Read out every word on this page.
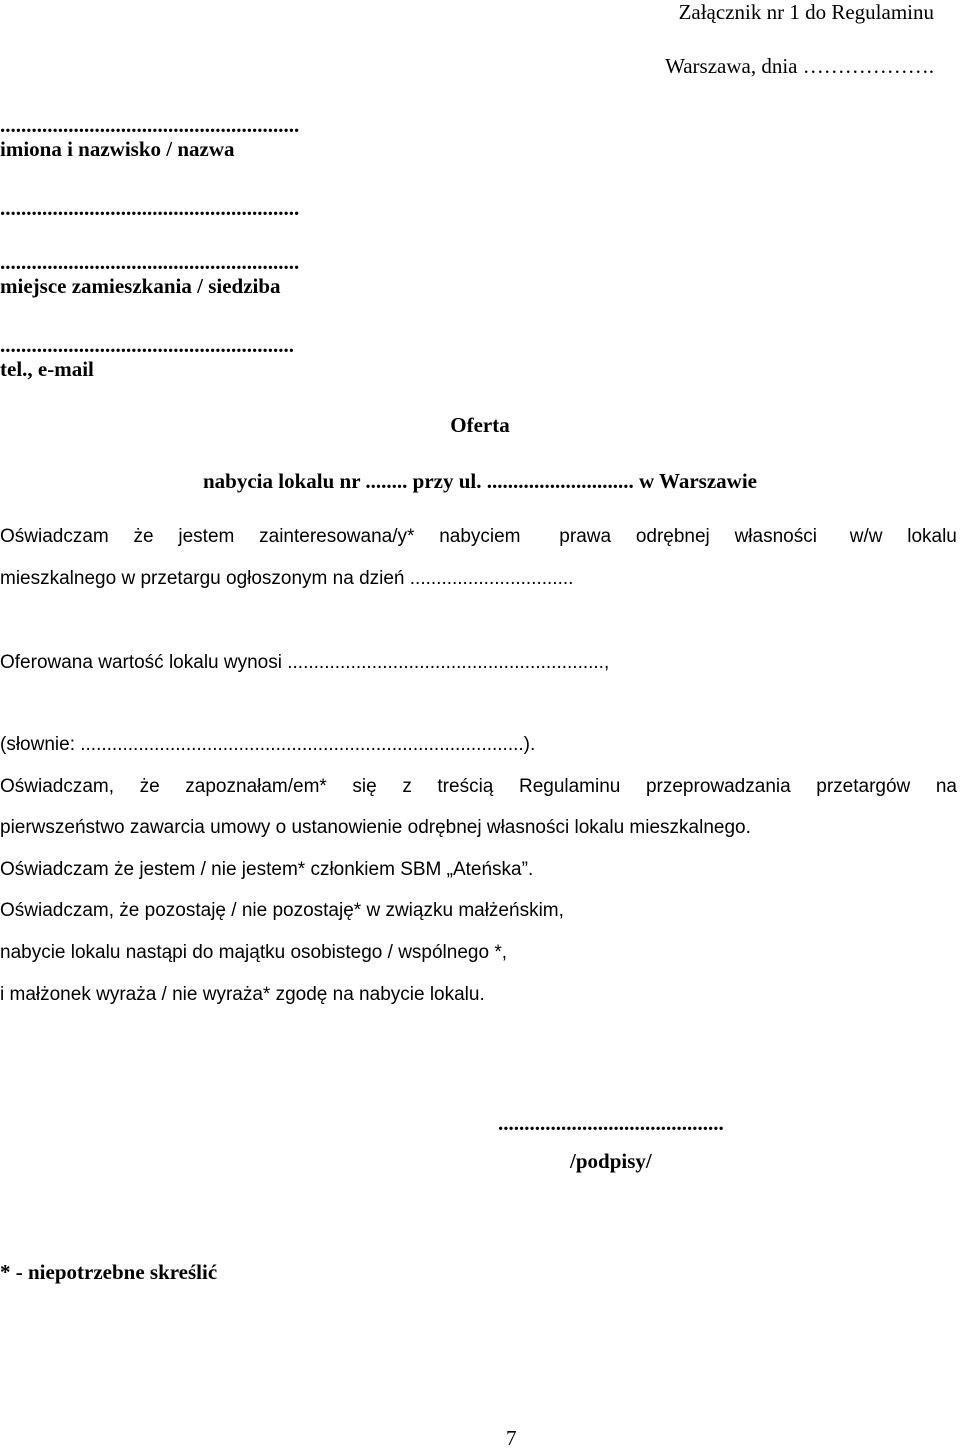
Załącznik nr 1 do Regulaminu
Warszawa, dnia ……………….
.........................................................
imiona i nazwisko / nazwa
.........................................................
.........................................................
miejsce zamieszkania / siedziba
........................................................
tel., e-mail
Oferta
nabycia lokalu nr ........ przy ul. ............................ w Warszawie
Oświadczam że jestem zainteresowana/y* nabyciem prawa odrębnej własności w/w lokalu
mieszkalnego w przetargu ogłoszonym na dzień ...............................
Oferowana wartość lokalu wynosi ............................................................,
(słownie: ....................................................................................).
Oświadczam, że zapoznałam/em* się z treścią Regulaminu przeprowadzania przetargów na
pierwszeństwo zawarcia umowy o ustanowienie odrębnej własności lokalu mieszkalnego.
Oświadczam że jestem / nie jestem* członkiem SBM „Ateńska”.
Oświadczam, że pozostaję / nie pozostaję* w związku małżeńskim,
nabycie lokalu nastąpi do majątku osobistego / wspólnego *,
i małżonek wyraża / nie wyraża* zgodę na nabycie lokalu.
...........................................
/podpisy/
* - niepotrzebne skreślić
7
